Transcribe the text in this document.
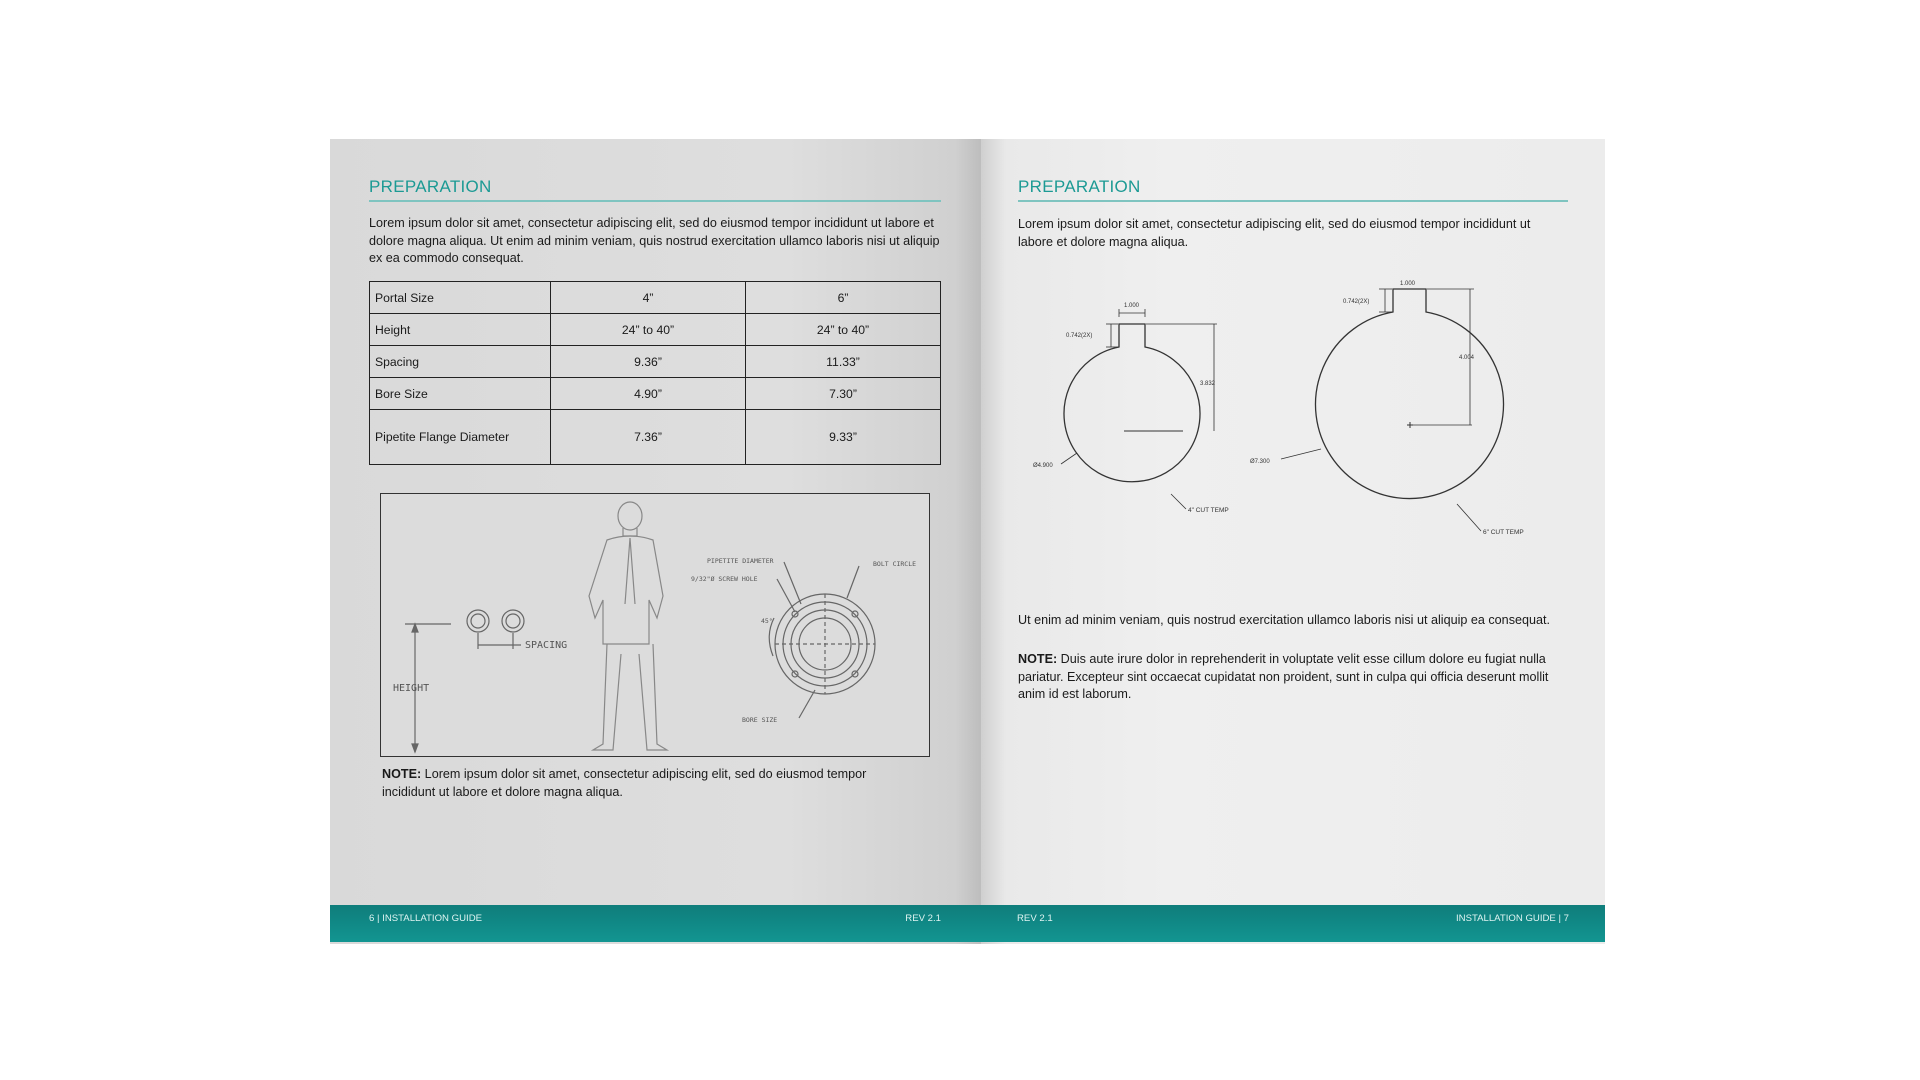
PREPARATION
Lorem ipsum dolor sit amet, consectetur adipiscing elit, sed do eiusmod tempor incididunt ut labore et dolore magna aliqua. Ut enim ad minim veniam, quis nostrud exercitation ullamco laboris nisi ut aliquip ex ea commodo consequat.
Portal Size	4”	6”
Height	24” to 40”	24” to 40”
Spacing	9.36”	11.33”
Bore Size	4.90”	7.30”
Pipetite Flange Diameter	7.36”	9.33”
HEIGHT
SPACING
PIPETITE DIAMETER
9/32"Ø SCREW HOLE
BOLT CIRCLE
45°
BORE SIZE
NOTE: Lorem ipsum dolor sit amet, consectetur adipiscing elit, sed do eiusmod tempor incididunt ut labore et dolore magna aliqua.
6 | INSTALLATION GUIDE	REV 2.1
PREPARATION
Lorem ipsum dolor sit amet, consectetur adipiscing elit, sed do eiusmod tempor incididunt ut labore et dolore magna aliqua.
1.000
0.742(2X)
3.832
Ø4.900
4" CUT TEMP
1.000
0.742(2X)
4.004
Ø7.300
6" CUT TEMP
Ut enim ad minim veniam, quis nostrud exercitation ullamco laboris nisi ut aliquip ea consequat.
NOTE: Duis aute irure dolor in reprehenderit in voluptate velit esse cillum dolore eu fugiat nulla pariatur. Excepteur sint occaecat cupidatat non proident, sunt in culpa qui officia deserunt mollit anim id est laborum.
REV 2.1	INSTALLATION GUIDE | 7
